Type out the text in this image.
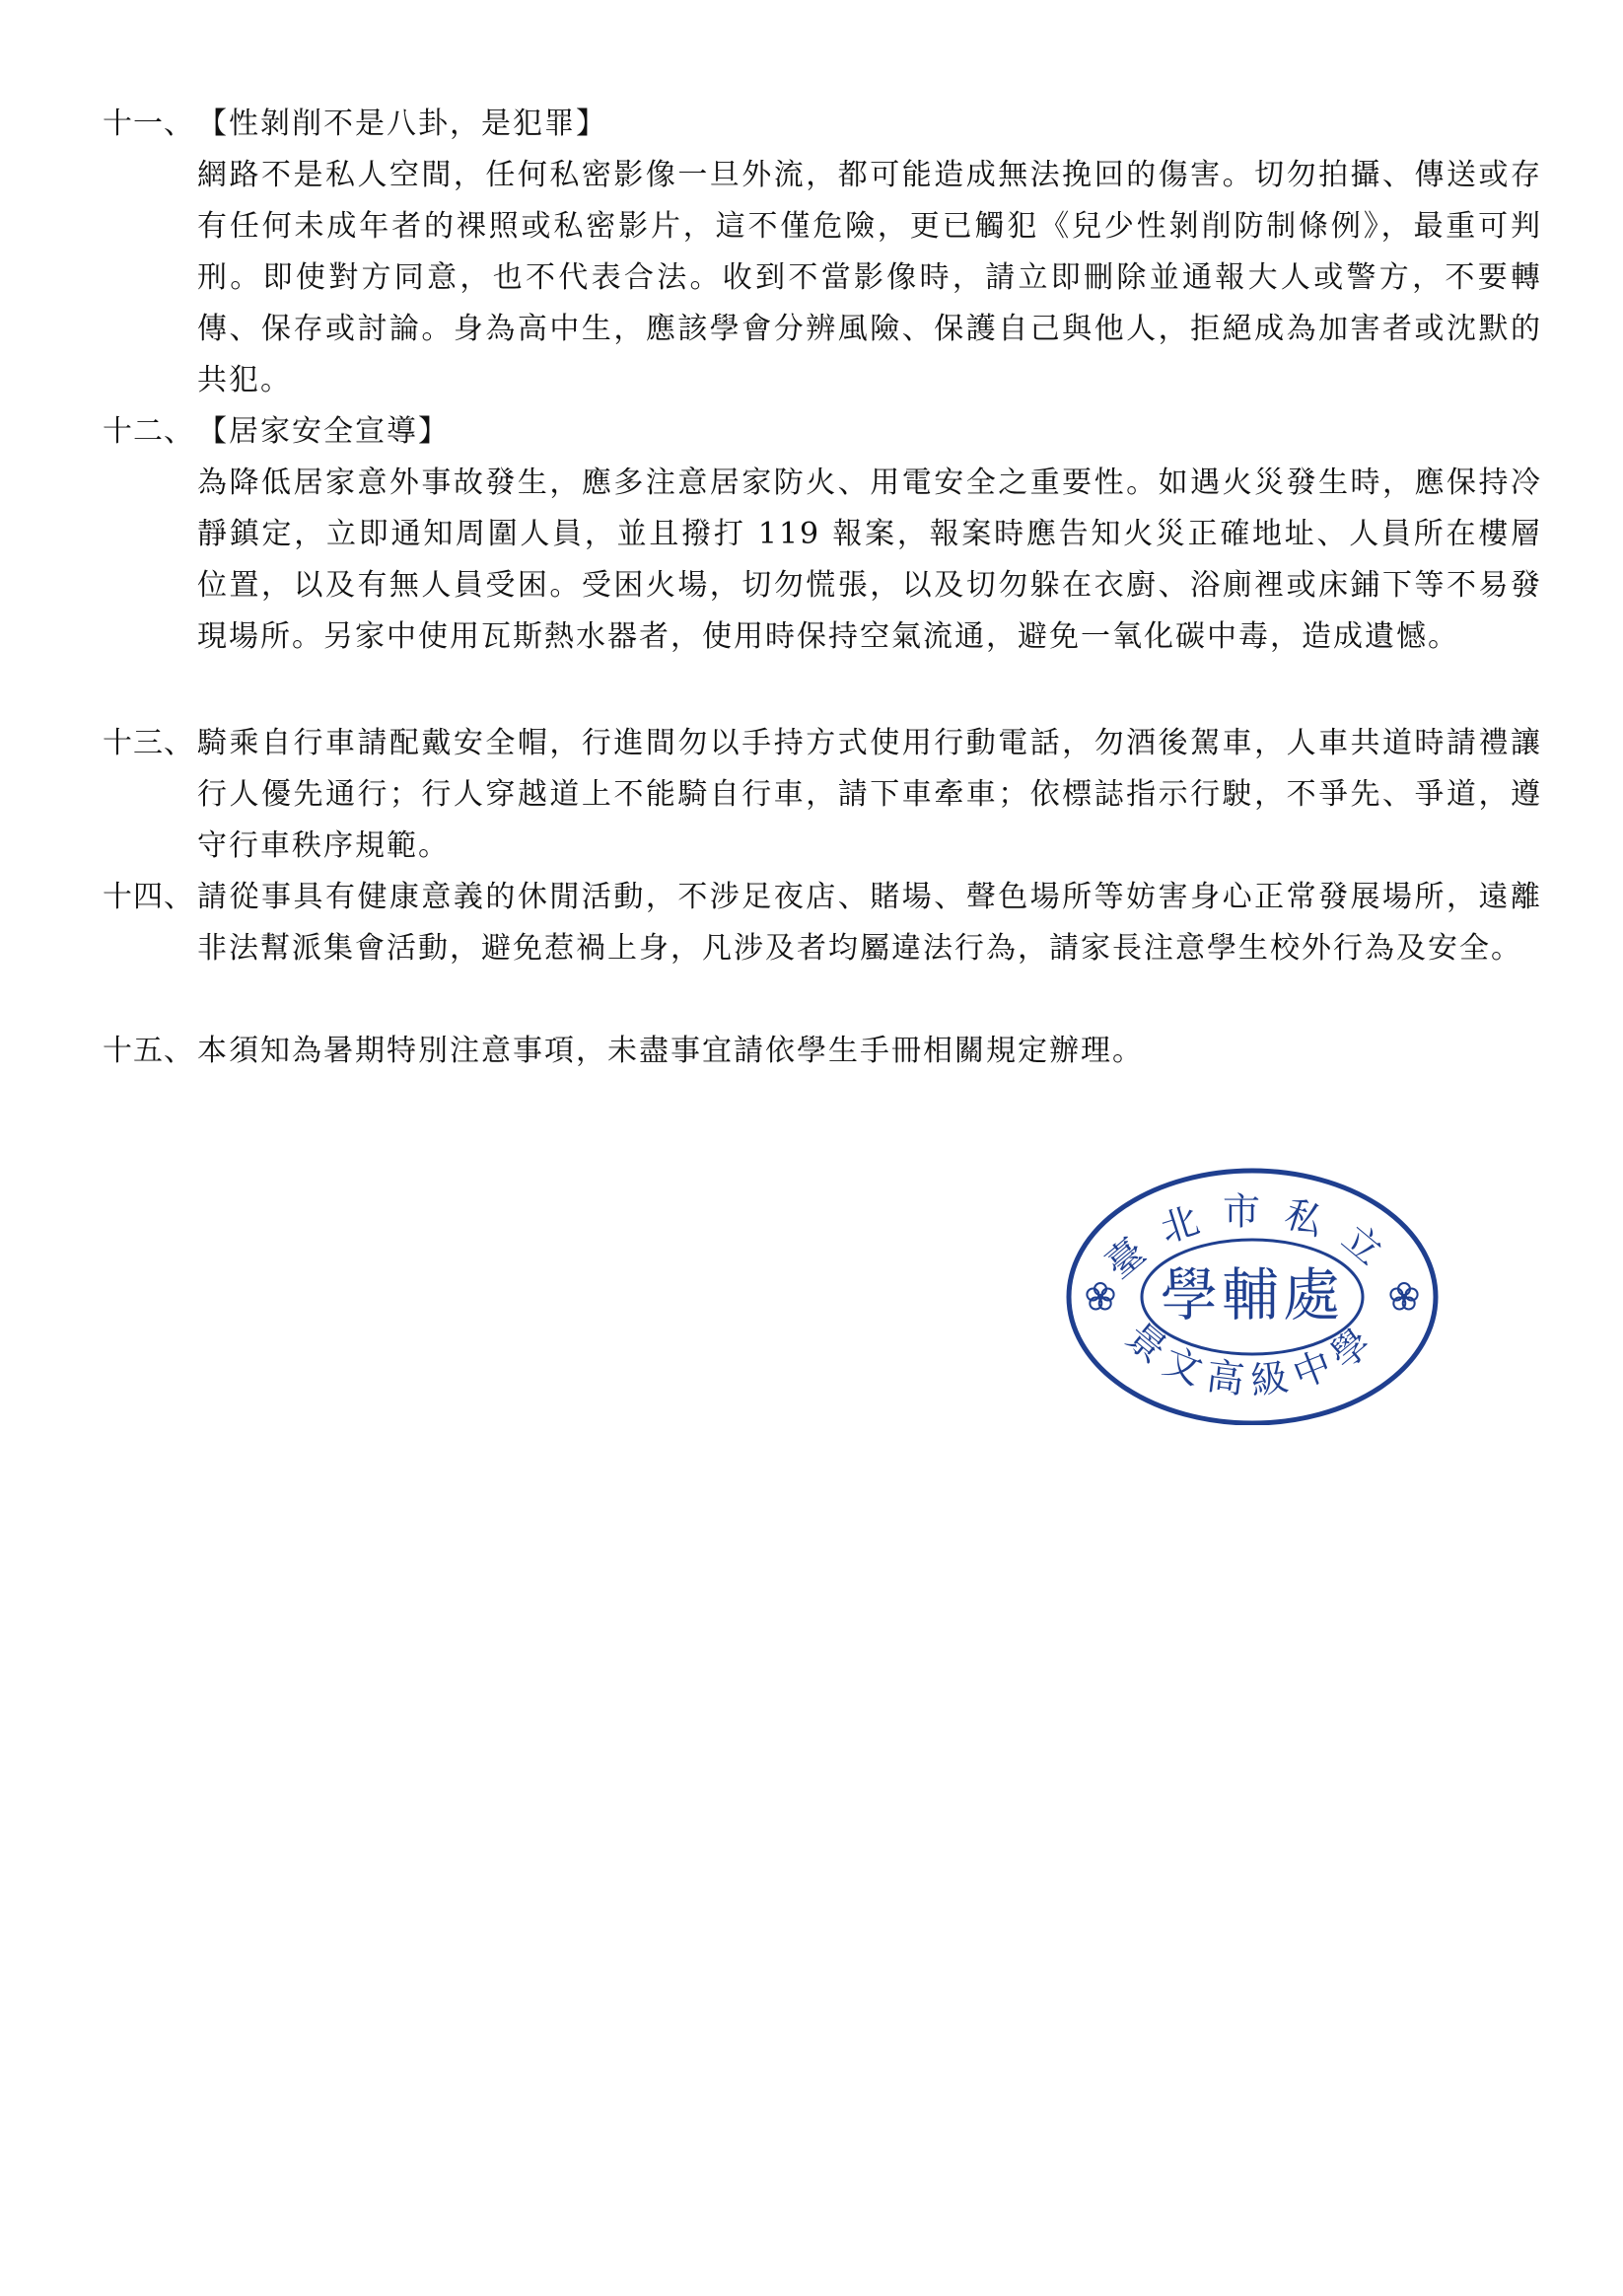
十一、 【性剝削不是八卦，是犯罪】
網路不是私人空間，任何私密影像一旦外流，都可能造成無法挽回的傷害。切勿拍攝、傳送或存有任何未成年者的裸照或私密影片，這不僅危險，更已觸犯《兒少性剝削防制條例》，最重可判刑。即使對方同意，也不代表合法。收到不當影像時，請立即刪除並通報大人或警方，不要轉傳、保存或討論。身為高中生，應該學會分辨風險、保護自己與他人，拒絕成為加害者或沈默的共犯。
十二、 【居家安全宣導】
為降低居家意外事故發生，應多注意居家防火、用電安全之重要性。如遇火災發生時，應保持冷靜鎮定，立即通知周圍人員，並且撥打 119 報案，報案時應告知火災正確地址、人員所在樓層位置，以及有無人員受困。受困火場，切勿慌張，以及切勿躲在衣廚、浴廁裡或床鋪下等不易發現場所。另家中使用瓦斯熱水器者，使用時保持空氣流通，避免一氧化碳中毒，造成遺憾。
十三、 騎乘自行車請配戴安全帽，行進間勿以手持方式使用行動電話，勿酒後駕車，人車共道時請禮讓行人優先通行；行人穿越道上不能騎自行車，請下車牽車；依標誌指示行駛，不爭先、爭道，遵守行車秩序規範。
十四、 請從事具有健康意義的休閒活動，不涉足夜店、賭場、聲色場所等妨害身心正常發展場所，遠離非法幫派集會活動，避免惹禍上身，凡涉及者均屬違法行為，請家長注意學生校外行為及安全。
十五、 本須知為暑期特別注意事項，未盡事宜請依學生手冊相關規定辦理。
臺北市私立
景文高級中學
學輔處
